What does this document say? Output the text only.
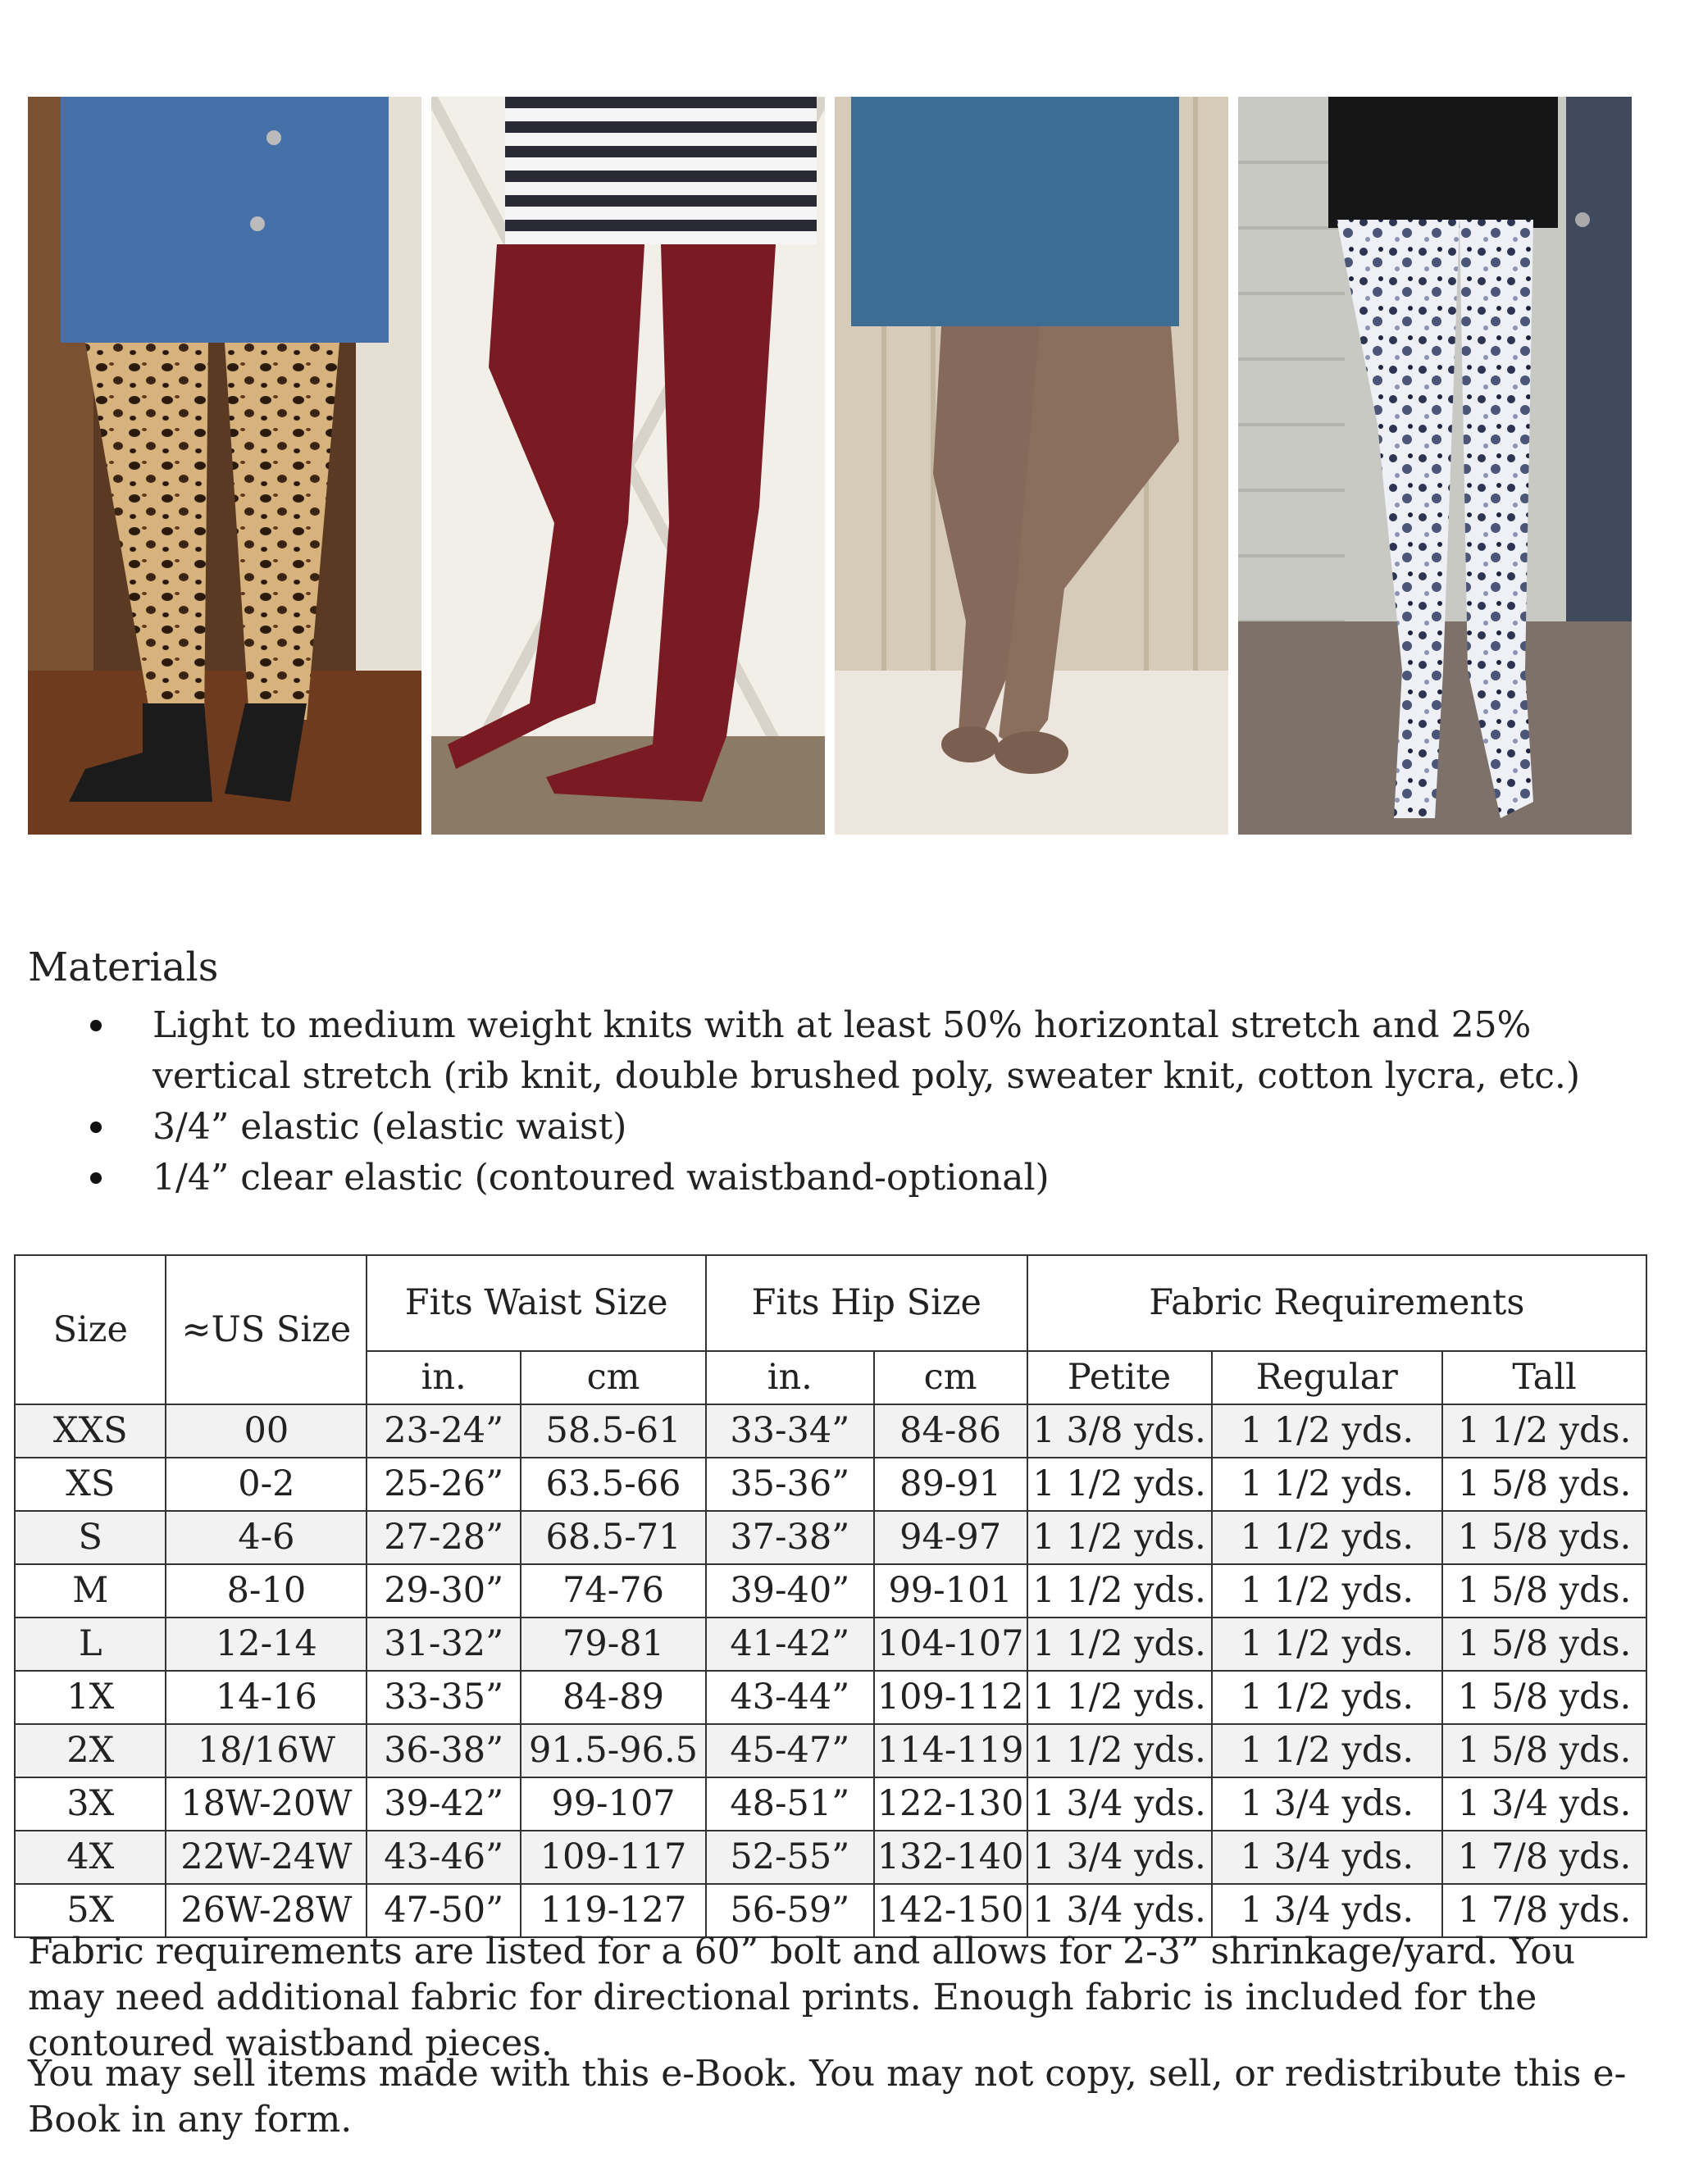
Materials
Light to medium weight knits with at least 50% horizontal stretch and 25% vertical stretch (rib knit, double brushed poly, sweater knit, cotton lycra, etc.)
3/4” elastic (elastic waist)
1/4” clear elastic (contoured waistband-optional)
Size	≈US Size	Fits Waist Size		Fits Hip Size		Fabric Requirements		
		in.	cm	in.	cm	Petite	Regular	Tall
XXS	00	23-24”	58.5-61	33-34”	84-86	1 3/8 yds.	1 1/2 yds.	1 1/2 yds.
XS	0-2	25-26”	63.5-66	35-36”	89-91	1 1/2 yds.	1 1/2 yds.	1 5/8 yds.
S	4-6	27-28”	68.5-71	37-38”	94-97	1 1/2 yds.	1 1/2 yds.	1 5/8 yds.
M	8-10	29-30”	74-76	39-40”	99-101	1 1/2 yds.	1 1/2 yds.	1 5/8 yds.
L	12-14	31-32”	79-81	41-42”	104-107	1 1/2 yds.	1 1/2 yds.	1 5/8 yds.
1X	14-16	33-35”	84-89	43-44”	109-112	1 1/2 yds.	1 1/2 yds.	1 5/8 yds.
2X	18/16W	36-38”	91.5-96.5	45-47”	114-119	1 1/2 yds.	1 1/2 yds.	1 5/8 yds.
3X	18W-20W	39-42”	99-107	48-51”	122-130	1 3/4 yds.	1 3/4 yds.	1 3/4 yds.
4X	22W-24W	43-46”	109-117	52-55”	132-140	1 3/4 yds.	1 3/4 yds.	1 7/8 yds.
5X	26W-28W	47-50”	119-127	56-59”	142-150	1 3/4 yds.	1 3/4 yds.	1 7/8 yds.

Fabric requirements are listed for a 60” bolt and allows for 2-3” shrinkage/yard. You may need additional fabric for directional prints. Enough fabric is included for the contoured waistband pieces.

You may sell items made with this e-Book. You may not copy, sell, or redistribute this e-Book in any form.
